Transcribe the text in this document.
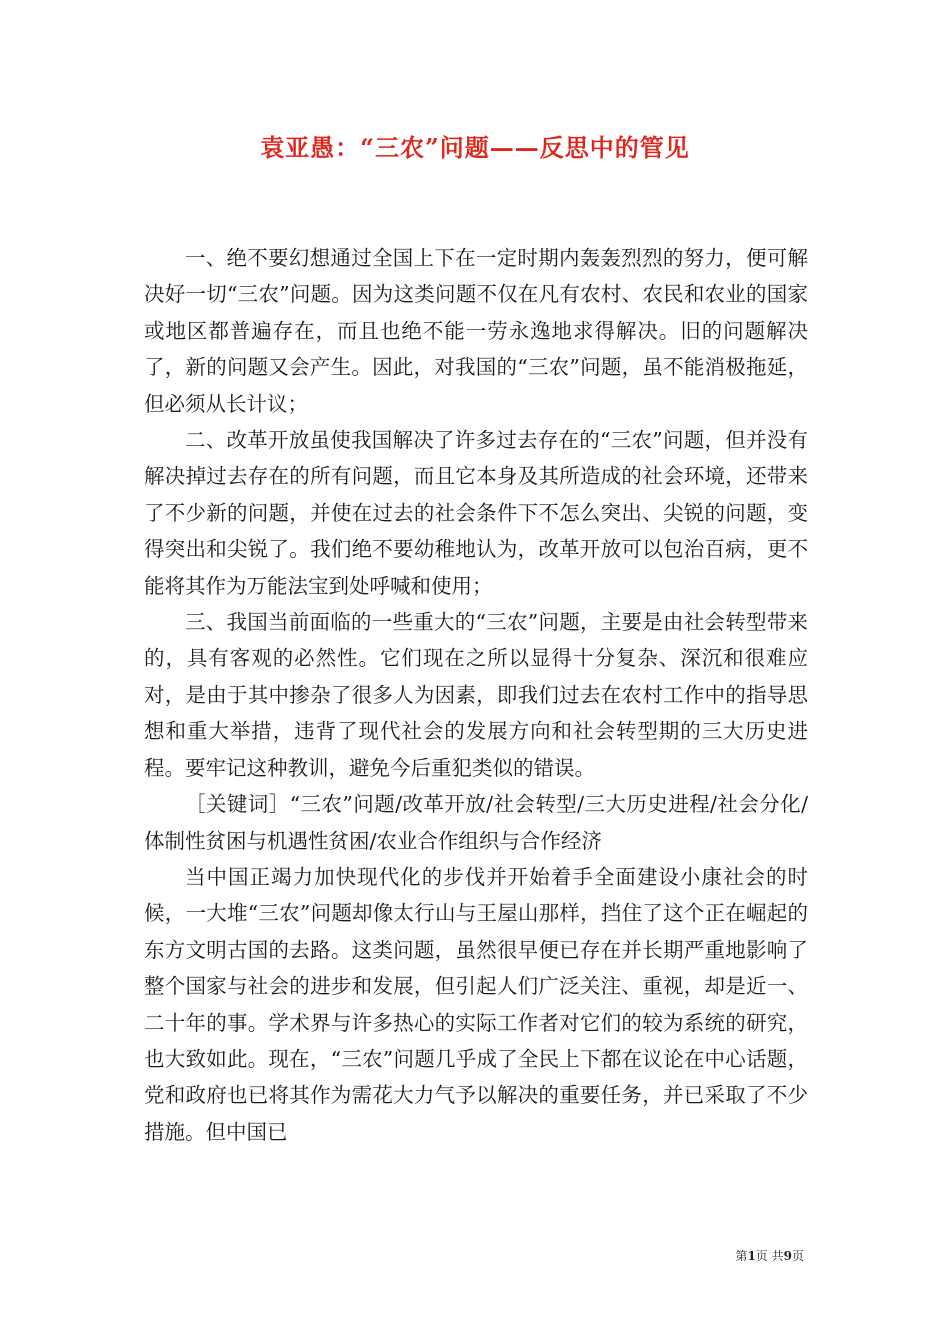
袁亚愚：“三农”问题——反思中的管见

一、绝不要幻想通过全国上下在一定时期内轰轰烈烈的努力，便可解决好一切“三农”问题。因为这类问题不仅在凡有农村、农民和农业的国家或地区都普遍存在，而且也绝不能一劳永逸地求得解决。旧的问题解决了，新的问题又会产生。因此，对我国的“三农”问题，虽不能消极拖延，但必须从长计议；

二、改革开放虽使我国解决了许多过去存在的“三农”问题，但并没有解决掉过去存在的所有问题，而且它本身及其所造成的社会环境，还带来了不少新的问题，并使在过去的社会条件下不怎么突出、尖锐的问题，变得突出和尖锐了。我们绝不要幼稚地认为，改革开放可以包治百病，更不能将其作为万能法宝到处呼喊和使用；

三、我国当前面临的一些重大的“三农”问题，主要是由社会转型带来的，具有客观的必然性。它们现在之所以显得十分复杂、深沉和很难应对，是由于其中掺杂了很多人为因素，即我们过去在农村工作中的指导思想和重大举措，违背了现代社会的发展方向和社会转型期的三大历史进程。要牢记这种教训，避免今后重犯类似的错误。

［关键词］“三农”问题/改革开放/社会转型/三大历史进程/社会分化/体制性贫困与机遇性贫困/农业合作组织与合作经济

当中国正竭力加快现代化的步伐并开始着手全面建设小康社会的时候，一大堆“三农”问题却像太行山与王屋山那样，挡住了这个正在崛起的东方文明古国的去路。这类问题，虽然很早便已存在并长期严重地影响了整个国家与社会的进步和发展，但引起人们广泛关注、重视，却是近一、二十年的事。学术界与许多热心的实际工作者对它们的较为系统的研究，也大致如此。现在，“三农”问题几乎成了全民上下都在议论在中心话题，党和政府也已将其作为需花大力气予以解决的重要任务，并已采取了不少措施。但中国已

第1页 共9页
